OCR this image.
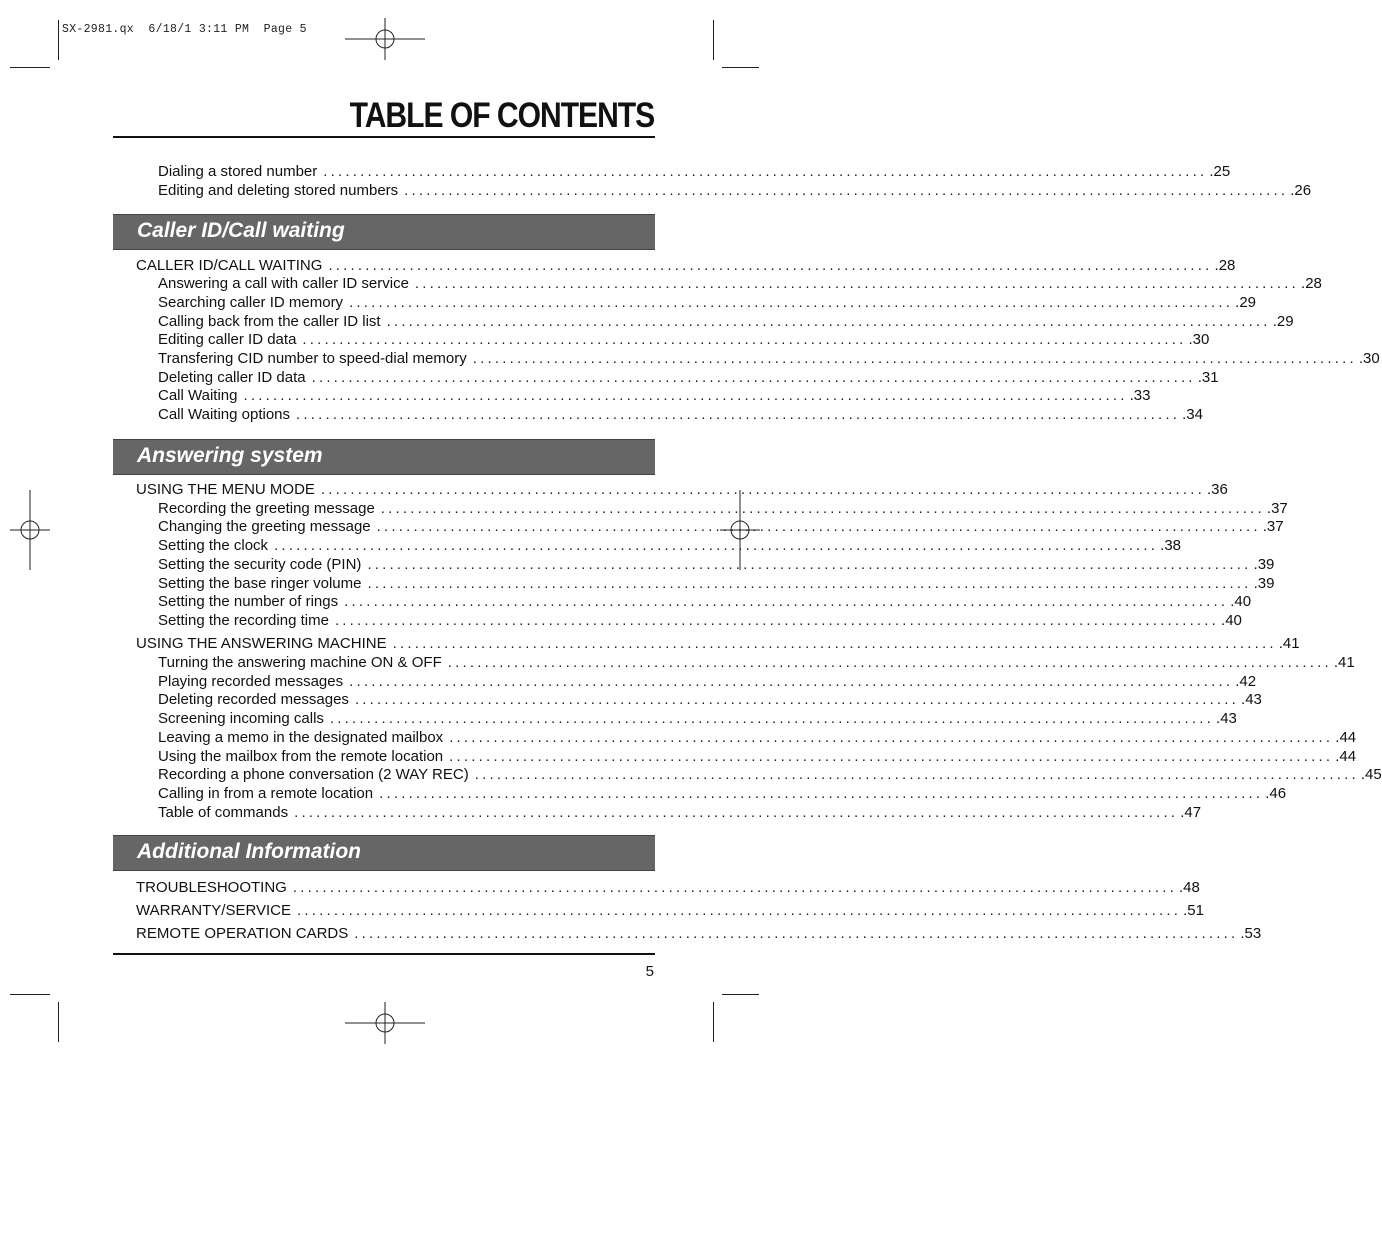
SX-2981.qx  6/18/1 3:11 PM  Page 5
TABLE OF CONTENTS
Caller ID/Call waiting
Answering system
Additional Information
Dialing a stored number ........................................................................................................................ .25
Editing and deleting stored numbers ........................................................................................................................ .26
CALLER ID/CALL WAITING ........................................................................................................................ .28
Answering a call with caller ID service ........................................................................................................................ .28
Searching caller ID memory ........................................................................................................................ .29
Calling back from the caller ID list ........................................................................................................................ .29
Editing caller ID data ........................................................................................................................ .30
Transfering CID number to speed-dial memory ........................................................................................................................ .30
Deleting caller ID data ........................................................................................................................ .31
Call Waiting ........................................................................................................................ .33
Call Waiting options ........................................................................................................................ .34
USING THE MENU MODE ........................................................................................................................ .36
Recording the greeting message ........................................................................................................................ .37
Changing the greeting message ........................................................................................................................ .37
Setting the clock ........................................................................................................................ .38
Setting the security code (PIN) ........................................................................................................................ .39
Setting the base ringer volume ........................................................................................................................ .39
Setting the number of rings ........................................................................................................................ .40
Setting the recording time ........................................................................................................................ .40
USING THE ANSWERING MACHINE ........................................................................................................................ .41
Turning the answering machine ON & OFF ........................................................................................................................ .41
Playing recorded messages ........................................................................................................................ .42
Deleting recorded messages ........................................................................................................................ .43
Screening incoming calls ........................................................................................................................ .43
Leaving a memo in the designated mailbox ........................................................................................................................ .44
Using the mailbox from the remote location ........................................................................................................................ .44
Recording a phone conversation (2 WAY REC) ........................................................................................................................ .45
Calling in from a remote location ........................................................................................................................ .46
Table of commands ........................................................................................................................ .47
TROUBLESHOOTING ........................................................................................................................ .48
WARRANTY/SERVICE ........................................................................................................................ .51
REMOTE OPERATION CARDS ........................................................................................................................ .53
5
